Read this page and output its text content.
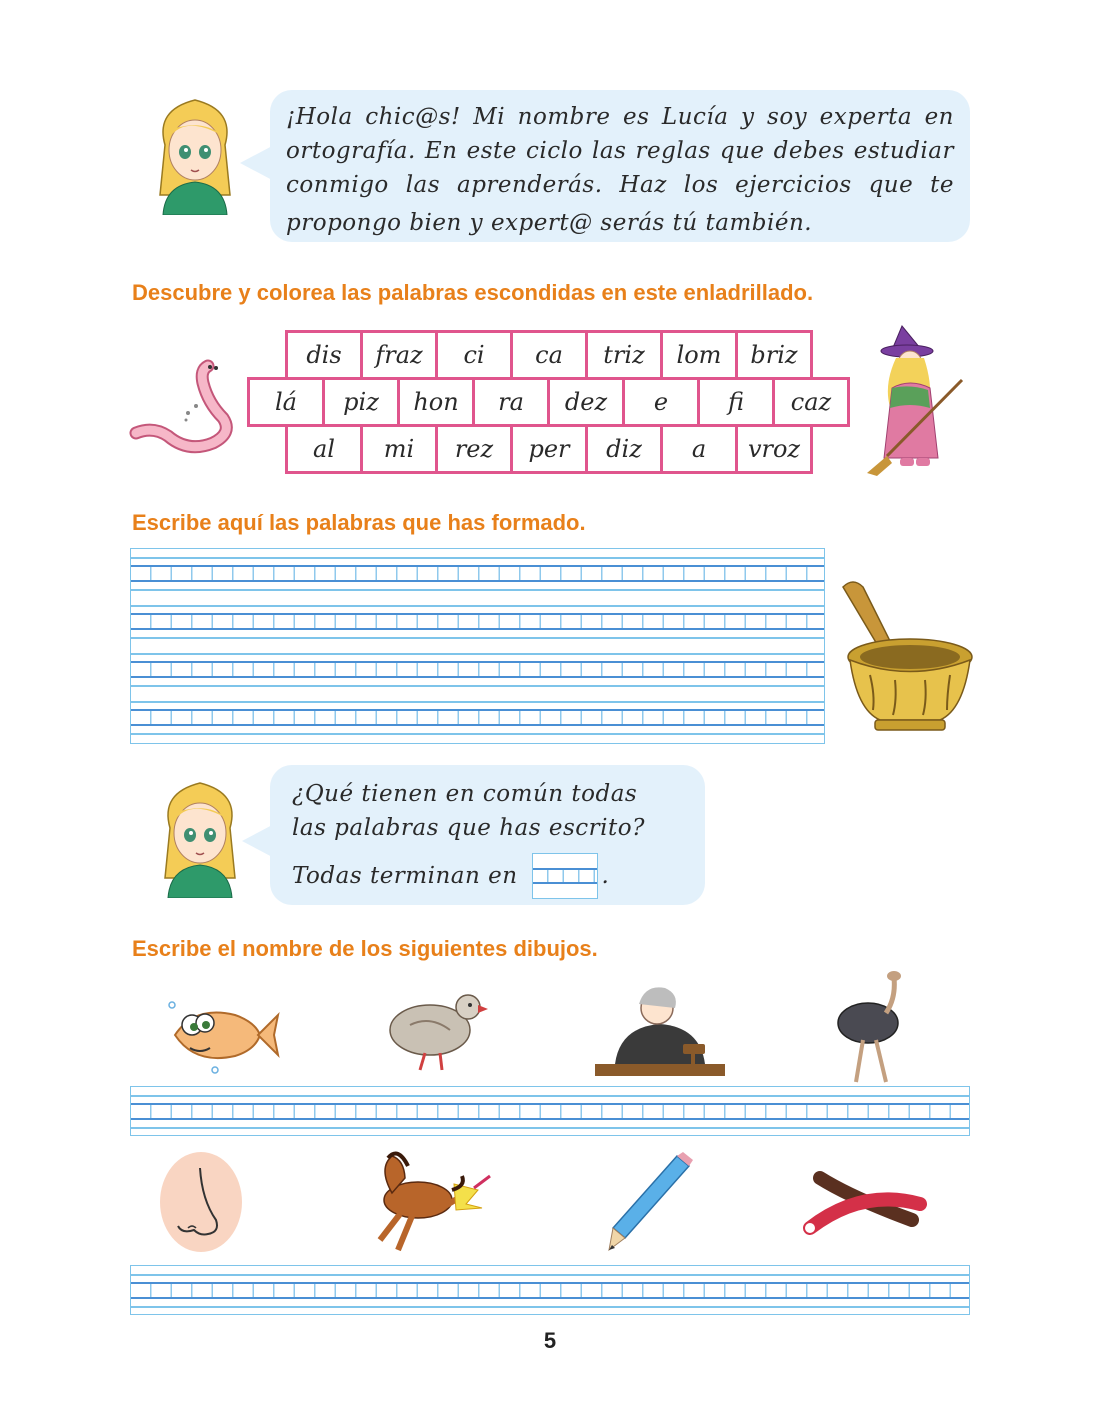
¡Hola chic@s! Mi nombre es Lucía y soy experta en
ortografía. En este ciclo las reglas que debes estudiar
conmigo las aprenderás. Haz los ejercicios que te
propongo bien y expert@ serás tú también.
Descubre y colorea las palabras escondidas en este enladrillado.
dis	fraz	ci	ca	triz	lom	briz
lá	piz	hon	ra	dez	e	fi	caz
al	mi	rez	per	diz	a	vroz
Escribe aquí las palabras que has formado.
¿Qué tienen en común todas
las palabras que has escrito?
Todas terminan en	.
Escribe el nombre de los siguientes dibujos.
5
